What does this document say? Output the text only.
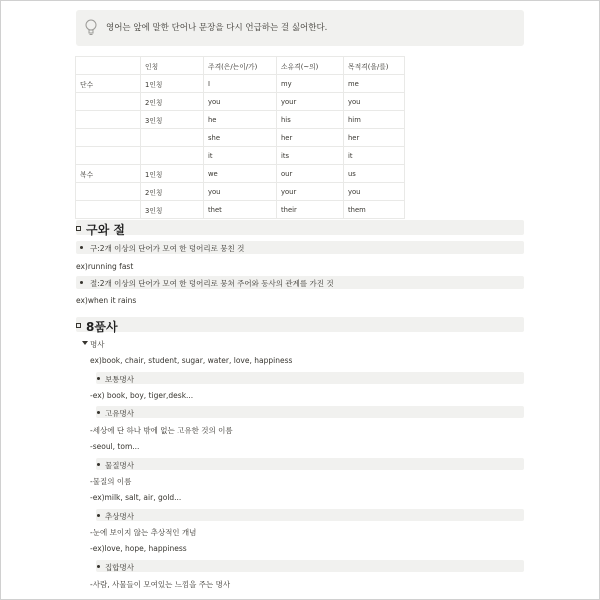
영어는 앞에 말한 단어나 문장을 다시 언급하는 걸 싫어한다.
	인칭	주격(은/는이/가)	소유격(~의)	목적격(을/를)
단수	1인칭	I	my	me
	2인칭	you	your	you
	3인칭	he	his	him
		she	her	her
		it	its	it
복수	1인칭	we	our	us
	2인칭	you	your	you
	3인칭	thet	their	them
구와 절
구:2개 이상의 단어가 모여 한 덩어리로 뭉친 것
ex)running fast
절:2개 이상의 단어가 모여 한 덩어리로 뭉쳐 주어와 동사의 관계를 가진 것
ex)when it rains
8품사
명사
ex)book, chair, student, sugar, water, love, happiness
보통명사
-ex) book, boy, tiger,desk...
고유명사
-세상에 단 하나 밖에 없는 고유한 것의 이름
-seoul, tom...
물질명사
-물질의 이름
-ex)milk, salt, air, gold...
추상명사
-눈에 보이지 않는 추상적인 개념
-ex)love, hope, happiness
집합명사
-사람, 사물들이 모여있는 느낌을 주는 명사
